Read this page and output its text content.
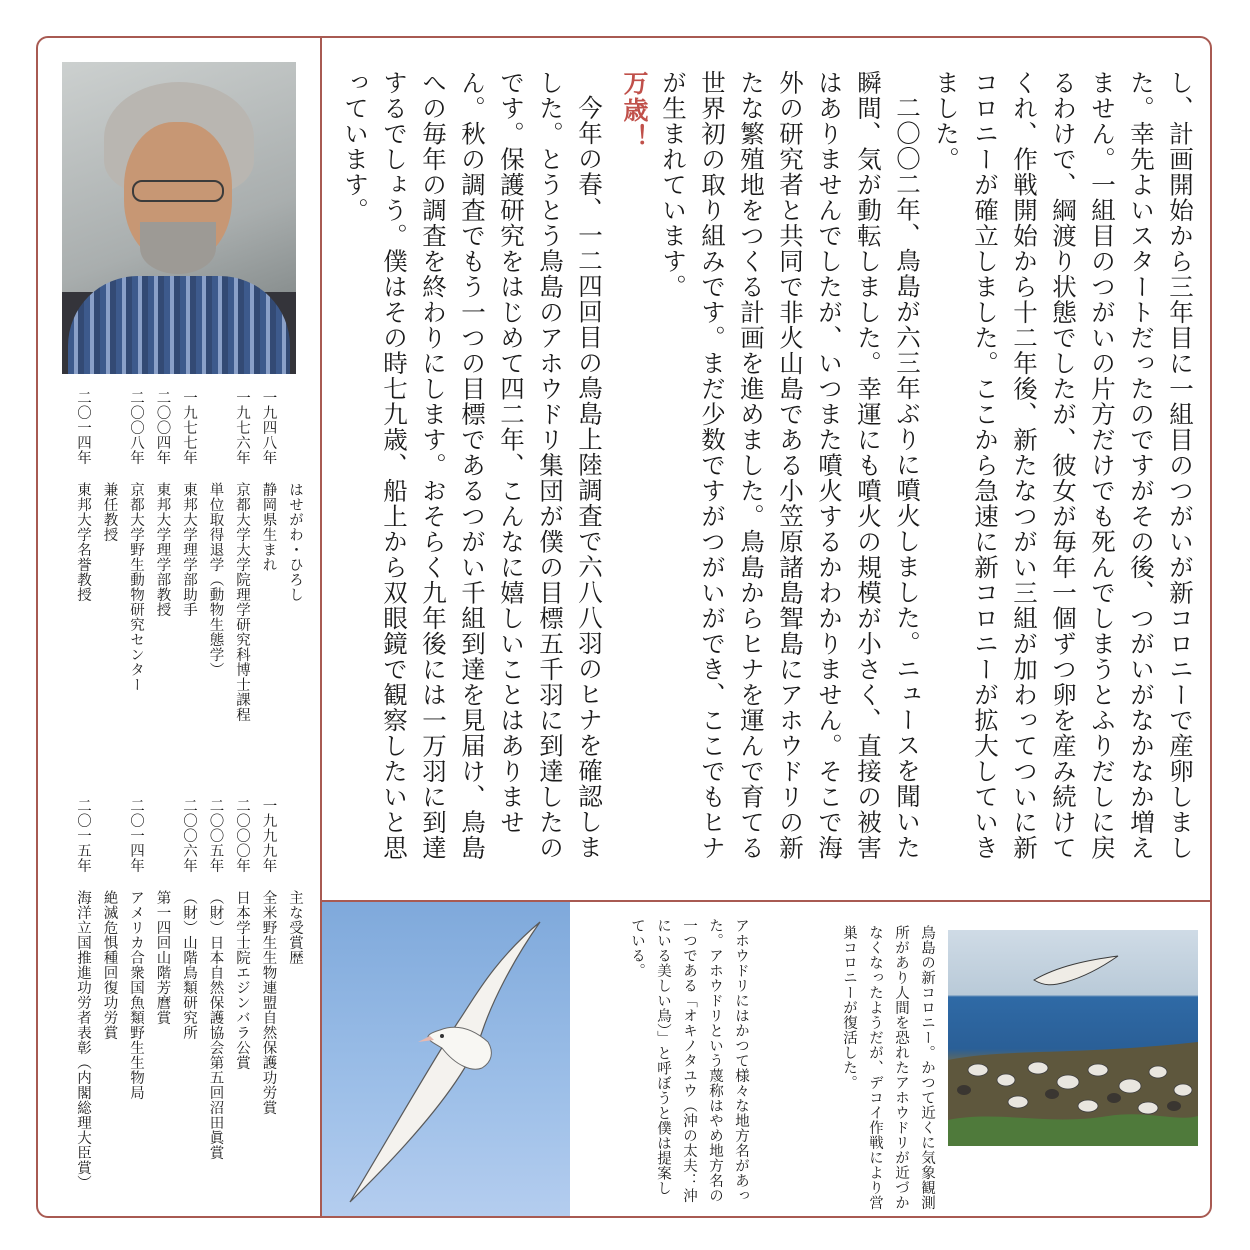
し、計画開始から三年目に一組目のつがいが新コロニーで産卵しました。幸先よいスタートだったのですがその後、つがいがなかなか増えません。一組目のつがいの片方だけでも死んでしまうとふりだしに戻るわけで、綱渡り状態でしたが、彼女が毎年一個ずつ卵を産み続けてくれ、作戦開始から十二年後、新たなつがい三組が加わってついに新コロニーが確立しました。ここから急速に新コロニーが拡大していきました。

二〇〇二年、鳥島が六三年ぶりに噴火しました。ニュースを聞いた瞬間、気が動転しました。幸運にも噴火の規模が小さく、直接の被害はありませんでしたが、いつまた噴火するかわかりません。そこで海外の研究者と共同で非火山島である小笠原諸島聟島にアホウドリの新たな繁殖地をつくる計画を進めました。鳥島からヒナを運んで育てる世界初の取り組みです。まだ少数ですがつがいができ、ここでもヒナが生まれています。

万歳！

今年の春、一二四回目の鳥島上陸調査で六八八羽のヒナを確認しました。とうとう鳥島のアホウドリ集団が僕の目標五千羽に到達したのです。保護研究をはじめて四二年、こんなに嬉しいことはありません。秋の調査でもう一つの目標であるつがい千組到達を見届け、鳥島への毎年の調査を終わりにします。おそらく九年後には一万羽に到達するでしょう。僕はその時七九歳、船上から双眼鏡で観察したいと思っています。

はせがわ・ひろし
一九四八年
静岡県生まれ
一九七六年
京都大学大学院理学研究科博士課程
単位取得退学（動物生態学）
一九七七年
東邦大学理学部助手
二〇〇四年
東邦大学理学部教授
二〇〇八年
京都大学野生動物研究センター
兼任教授
二〇一四年
東邦大学名誉教授
主な受賞歴
一九九九年
全米野生生物連盟自然保護功労賞
二〇〇〇年
日本学士院エジンバラ公賞
二〇〇五年
（財）日本自然保護協会第五回沼田眞賞
二〇〇六年
（財）山階鳥類研究所
第一四回山階芳麿賞
二〇一四年
アメリカ合衆国魚類野生生物局
絶滅危惧種回復功労賞
二〇一五年
海洋立国推進功労者表彰（内閣総理大臣賞）	アホウドリにはかつて様々な地方名があった。アホウドリという蔑称はやめ地方名の一つである「オキノタユウ（沖の太夫：沖にいる美しい鳥）」と呼ぼうと僕は提案している。	鳥島の新コロニー。かつて近くに気象観測所があり人間を恐れたアホウドリが近づかなくなったようだが、デコイ作戦により営巣コロニーが復活した。
